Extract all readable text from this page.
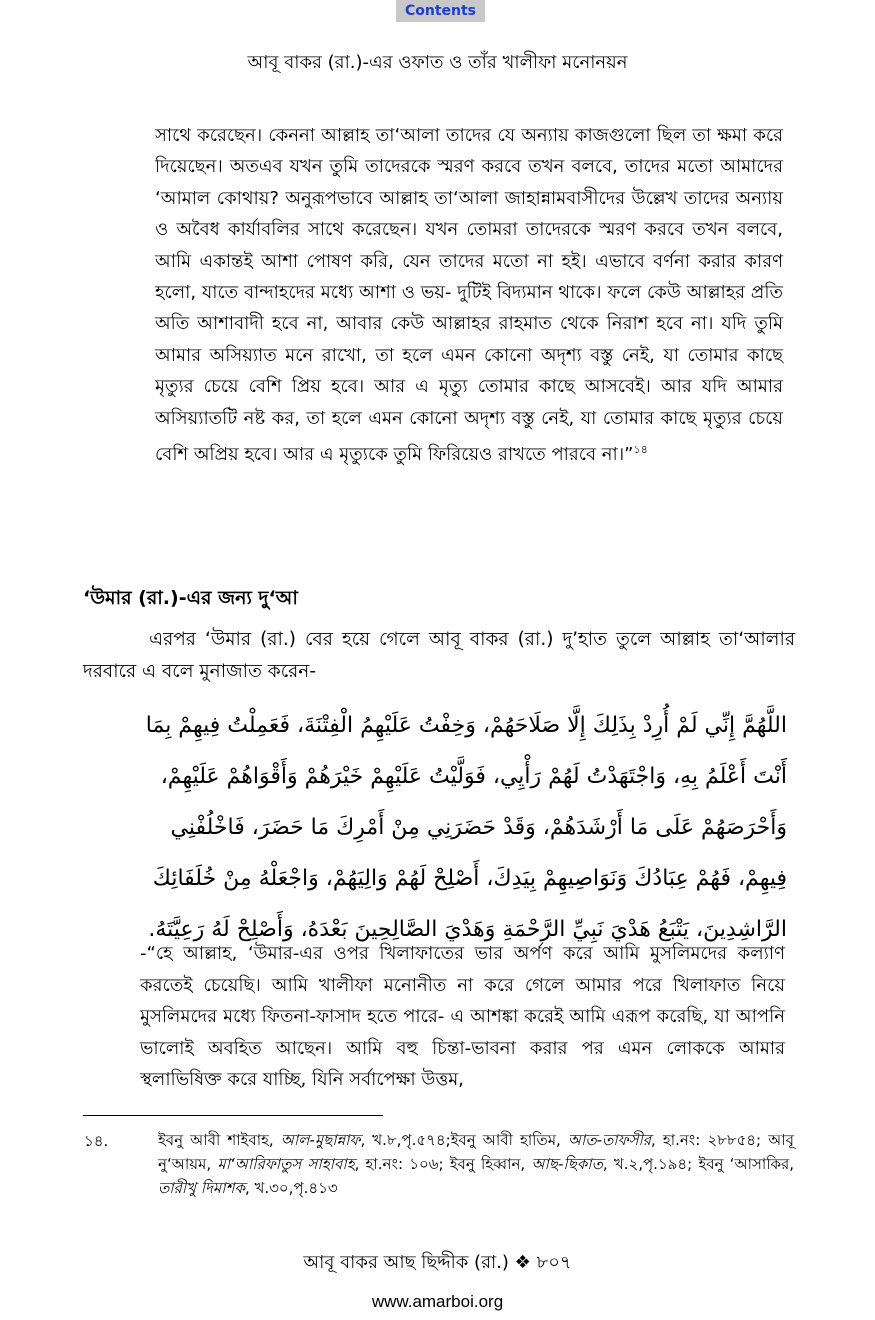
Contents
আবূ বাকর (রা.)-এর ওফাত ও তাঁর খালীফা মনোনয়ন

সাথে করেছেন। কেননা আল্লাহ তা‘আলা তাদের যে অন্যায় কাজগুলো ছিল তা ক্ষমা করে দিয়েছেন। অতএব যখন তুমি তাদেরকে স্মরণ করবে তখন বলবে, তাদের মতো আমাদের ‘আমাল কোথায়? অনুরূপভাবে আল্লাহ তা‘আলা জাহান্নামবাসীদের উল্লেখ তাদের অন্যায় ও অবৈধ কার্যাবলির সাথে করেছেন। যখন তোমরা তাদেরকে স্মরণ করবে তখন বলবে, আমি একান্তই আশা পোষণ করি, যেন তাদের মতো না হই। এভাবে বর্ণনা করার কারণ হলো, যাতে বান্দাহদের মধ্যে আশা ও ভয়- দুটিই বিদ্যমান থাকে। ফলে কেউ আল্লাহর প্রতি অতি আশাবাদী হবে না, আবার কেউ আল্লাহর রাহমাত থেকে নিরাশ হবে না। যদি তুমি আমার অসিয়্যাত মনে রাখো, তা হলে এমন কোনো অদৃশ্য বস্তু নেই, যা তোমার কাছে মৃত্যুর চেয়ে বেশি প্রিয় হবে। আর এ মৃত্যু তোমার কাছে আসবেই। আর যদি আমার অসিয়্যাতটি নষ্ট কর, তা হলে এমন কোনো অদৃশ্য বস্তু নেই, যা তোমার কাছে মৃত্যুর চেয়ে বেশি অপ্রিয় হবে। আর এ মৃত্যুকে তুমি ফিরিয়েও রাখতে পারবে না।”$^{১৪}$

‘উমার (রা.)-এর জন্য দু‘আ

এরপর ‘উমার (রা.) বের হয়ে গেলে আবূ বাকর (রা.) দু’হাত তুলে আল্লাহ তা‘আলার দরবারে এ বলে মুনাজাত করেন-

اللَّهُمَّ إِنِّي لَمْ أُرِدْ بِذَلِكَ إِلَّا صَلَاحَهُمْ، وَخِفْتُ عَلَيْهِمُ الْفِتْنَةَ، فَعَمِلْتُ فِيهِمْ بِمَا
أَنْتَ أَعْلَمُ بِهِ، وَاجْتَهَدْتُ لَهُمْ رَأْيِي، فَوَلَّيْتُ عَلَيْهِمْ خَيْرَهُمْ وَأَقْوَاهُمْ عَلَيْهِمْ،
وَأَحْرَصَهُمْ عَلَى مَا أَرْشَدَهُمْ، وَقَدْ حَضَرَنِي مِنْ أَمْرِكَ مَا حَضَرَ، فَاخْلُفْنِي
فِيهِمْ، فَهُمْ عِبَادُكَ وَنَوَاصِيهِمْ بِيَدِكَ، أَصْلِحْ لَهُمْ وَالِيَهُمْ، وَاجْعَلْهُ مِنْ خُلَفَائِكَ
الرَّاشِدِينَ، يَتْبَعُ هَدْيَ نَبِيِّ الرَّحْمَةِ وَهَدْيَ الصَّالِحِينَ بَعْدَهُ، وَأَصْلِحْ لَهُ رَعِيَّتَهُ.

-“হে আল্লাহ, ‘উমার-এর ওপর খিলাফাতের ভার অর্পণ করে আমি মুসলিমদের কল্যাণ করতেই চেয়েছি। আমি খালীফা মনোনীত না করে গেলে আমার পরে খিলাফাত নিয়ে মুসলিমদের মধ্যে ফিতনা-ফাসাদ হতে পারে- এ আশঙ্কা করেই আমি এরূপ করেছি, যা আপনি ভালোই অবহিত আছেন। আমি বহু চিন্তা-ভাবনা করার পর এমন লোককে আমার স্থলাভিষিক্ত করে যাচ্ছি, যিনি সর্বাপেক্ষা উত্তম,

১৪.	ইবনু আবী শাইবাহ, আল-মুছান্নাফ, খ.৮,পৃ.৫৭৪;ইবনু আবী হাতিম, আত-তাফসীর, হা.নং: ২৮৮৫৪; আবূ নু‘আয়ম, মা‘আরিফাতুস সাহাবাহ, হা.নং: ১০৬; ইবনু হিব্বান, আছ-ছিকাত, খ.২,পৃ.১৯৪; ইবনু ‘আসাকির, তারীখু দিমাশক, খ.৩০,পৃ.৪১৩

আবূ বাকর আছ ছিদ্দীক (রা.) ❖ ৮০৭
www.amarboi.org
